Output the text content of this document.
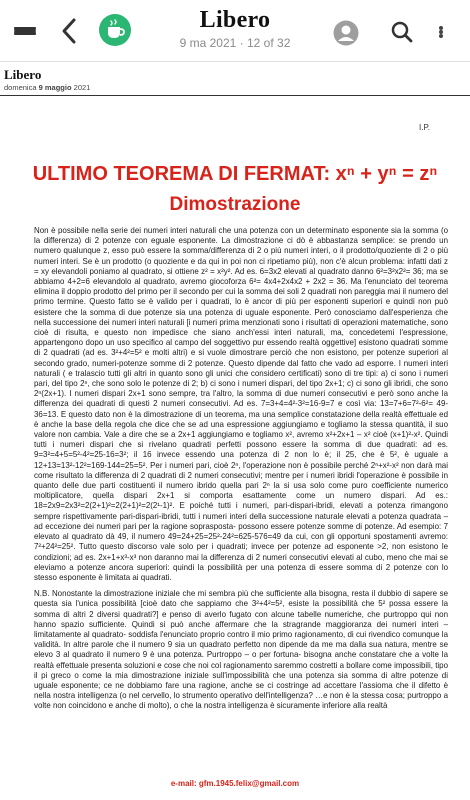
Libero
9 ma 2021 · 12 of 32
Libero
domenica 9 maggio 2021
I.P.
ULTIMO TEOREMA DI FERMAT: xⁿ + yⁿ = zⁿ
Dimostrazione

Non è possibile nella serie dei numeri interi naturali che una potenza con un determinato esponente sia la somma (o la differenza) di 2 potenze con eguale esponente. La dimostrazione ci dò è abbastanza semplice: se prendo un numero qualunque z, esso può essere la somma/differenza di 2 o più numeri interi, o il prodotto/quoziente di 2 o più numeri interi. Se è un prodotto (o quoziente e da qui in poi non ci ripetiamo più), non c'è alcun problema: infatti dati z = xy elevandoli poniamo al quadrato, si ottiene z² = x²y². Ad es. 6=3x2 elevati al quadrato danno 6²=3²x2²= 36; ma se abbiamo 4+2=6 elevandolo al quadrato, avremo giocoforza 6²= 4x4+2x4x2 + 2x2 = 36. Ma l'enunciato del teorema elimina il doppio prodotto del primo per il secondo per cui la somma dei soli 2 quadrati non pareggia mai il numero del primo termine. Questo fatto se è valido per i quadrati, lo è ancor di più per esponenti superiori e quindi non può esistere che la somma di due potenze sia una potenza di uguale esponente. Però conosciamo dall'esperienza che nella successione dei numeri interi naturali [i numeri prima menzionati sono i risultati di operazioni matematiche, sono cioè di risulta, e questo non impedisce che siano anch'essi interi naturali, ma, concedetemi l'espressione, appartengono dopo un uso specifico al campo del soggettivo pur essendo realtà oggettive] esistono quadrati somme di 2 quadrati (ad es. 3²+4²=5² e molti altri) e si vuole dimostrare perciò che non esistono, per potenze superiori al secondo grado, numeri-potenze somme di 2 potenze. Questo dipende dal fatto che vado ad esporre. I numeri interi naturali ( e tralascio tutti gli altri in quanto sono gli unici che considero certificati) sono di tre tipi: a) ci sono i numeri pari, del tipo 2ⁿ, che sono solo le potenze di 2; b) ci sono i numeri dispari, del tipo 2x+1; c) ci sono gli ibridi, che sono 2ⁿ(2x+1). I numeri dispari 2x+1 sono sempre, tra l'altro, la somma di due numeri consecutivi e però sono anche la differenza dei quadrati di questi 2 numeri consecutivi. Ad es. 7=3+4=4²-3²=16-9=7 e così via: 13=7+6=7²-6²= 49-36=13. E questo dato non è la dimostrazione di un teorema, ma una semplice constatazione della realtà effettuale ed è anche la base della regola che dice che se ad una espressione aggiungiamo e togliamo la stessa quantità, il suo valore non cambia. Vale a dire che se a 2x+1 aggiungiamo e togliamo x², avremo x²+2x+1 – x² cioè (x+1)²-x². Quindi tutti i numeri dispari che si rivelano quadrati perfetti possono essere la somma di due quadrati: ad es. 9=3²=4+5=5²-4²=25-16=3²; il 16 invece essendo una potenza di 2 non lo è; il 25, che è 5², è uguale a 12+13=13²-12²=169-144=25=5². Per i numeri pari, cioè 2ⁿ, l'operazione non è possibile perché 2ⁿ+x²-x² non darà mai come risultato la differenza di 2 quadrati di 2 numeri consecutivi; mentre per i numeri ibridi l'operazione è possibile in quanto delle due parti costituenti il numero ibrido quella pari 2ⁿ la si usa solo come puro coefficiente numerico moltiplicatore, quella dispari 2x+1 si comporta esattamente come un numero dispari. Ad es.: 18=2x9=2x3²=2(2+1)²=2(2+1)²=2(2¹-1)². E poiché tutti i numeri, pari-dispari-ibridi, elevati a potenza rimangono sempre rispettivamente pari-dispari-ibridi, tutti i numeri interi della successione naturale elevati a potenza quadrata –ad eccezione dei numeri pari per la ragione soprasposta- possono essere potenze somme di potenze. Ad esempio: 7 elevato al quadrato dà 49, il numero 49=24+25=25²-24²=625-576=49 da cui, con gli opportuni spostamenti avremo: 7²+24²=25². Tutto questo discorso vale solo per i quadrati; invece per potenze ad esponente >2, non esistono le condizioni; ad es. 2x+1+x³-x³ non daranno mai la differenza di 2 numeri consecutivi elevati al cubo, meno che mai se eleviamo a potenze ancora superiori: quindi la possibilità per una potenza di essere somma di 2 potenze con lo stesso esponente è limitata ai quadrati.

N.B. Nonostante la dimostrazione iniziale che mi sembra più che sufficiente alla bisogna, resta il dubbio di sapere se questa sia l'unica possibilità [cioè dato che sappiamo che 3²+4²=5², esiste la possibilità che 5² possa essere la somma di altri 2 diversi quadrati?] e penso di averlo fugato con alcune tabelle numeriche, che purtroppo qui non hanno spazio sufficiente. Quindi si può anche affermare che la stragrande maggioranza dei numeri interi –limitatamente al quadrato- soddisfa l'enunciato proprio contro il mio primo ragionamento, di cui rivendico comunque la validità. In altre parole che il numero 9 sia un quadrato perfetto non dipende da me ma dalla sua natura, mentre se elevo 3 al quadrato il numero 9 è una potenza. Purtroppo – o per fortuna- bisogna anche constatare che a volte la realtà effettuale presenta soluzioni e cose che noi col ragionamento saremmo costretti a bollare come impossibili, tipo il pi greco o come la mia dimostrazione iniziale sull'impossibilità che una potenza sia somma di altre potenze di uguale esponente; ce ne dobbiamo fare una ragione, anche se ci costringe ad accettare l'assioma che il difetto è nella nostra intelligenza (o nel cervello, lo strumento operativo dell'intelligenza? …e non è la stessa cosa; purtroppo a volte non coincidono e anche di molto), o che la nostra intelligenza è sicuramente inferiore alla realtà

e-mail: gfm.1945.felix@gmail.com
